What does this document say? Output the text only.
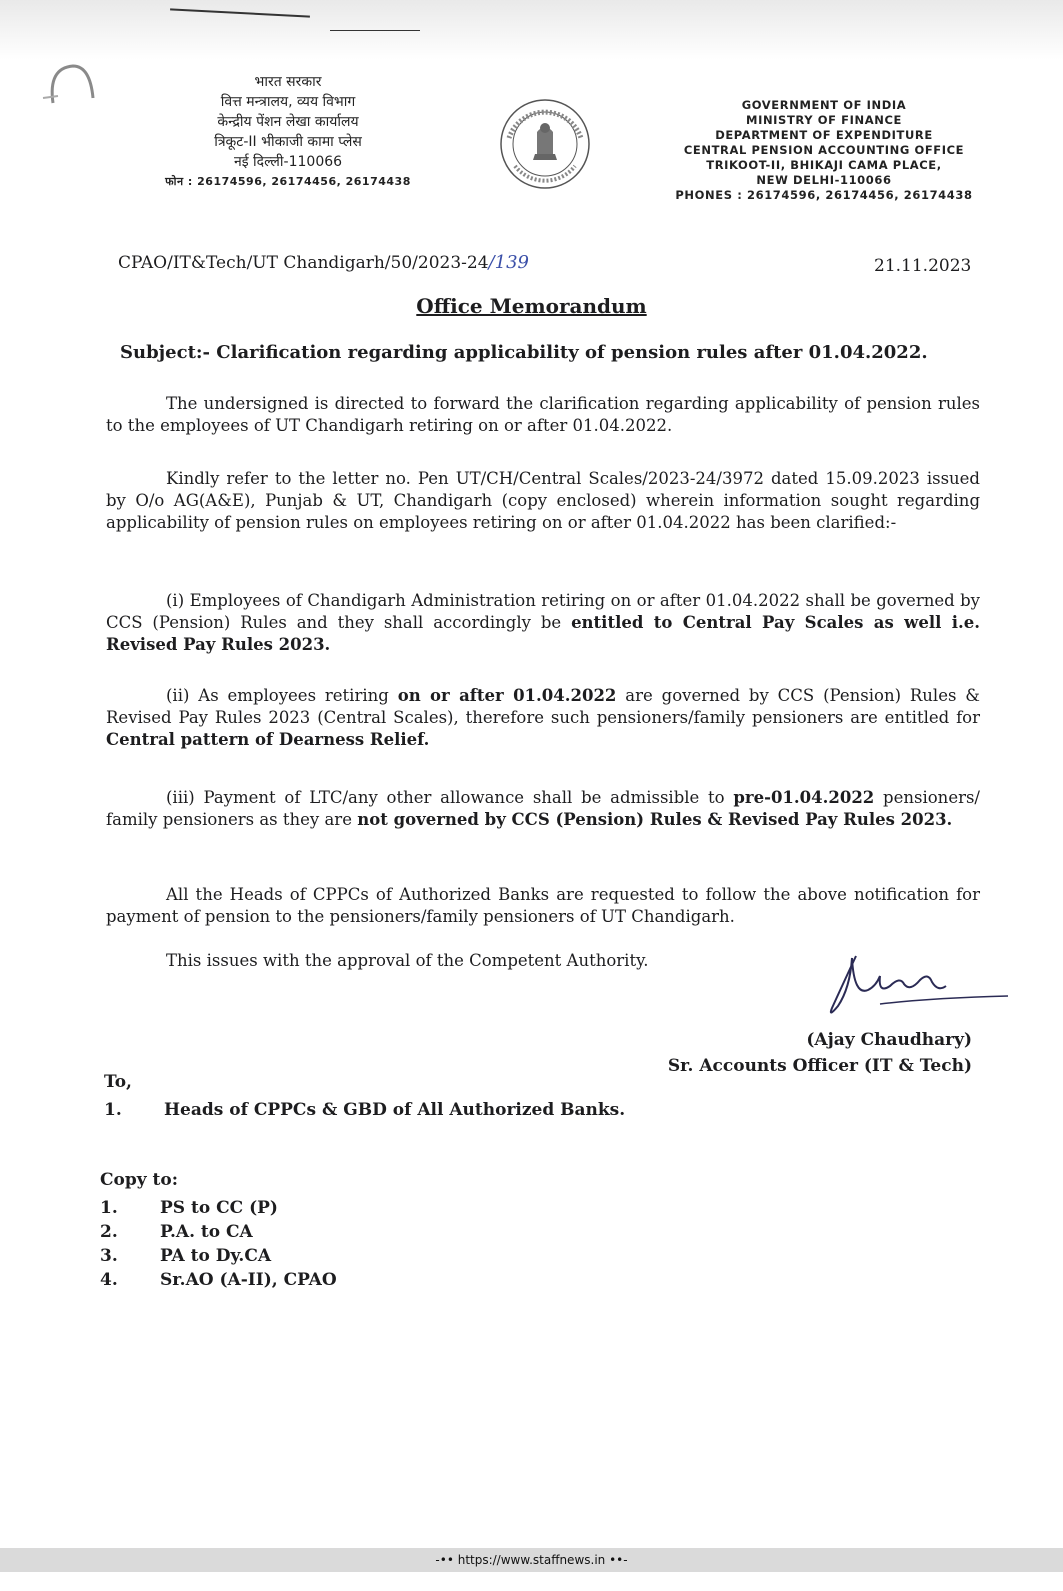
भारत सरकार
वित्त मन्त्रालय, व्यय विभाग
केन्द्रीय पेंशन लेखा कार्यालय
त्रिकूट-II भीकाजी कामा प्लेस
नई दिल्ली-110066
फोन : 26174596, 26174456, 26174438
GOVERNMENT OF INDIA
MINISTRY OF FINANCE
DEPARTMENT OF EXPENDITURE
CENTRAL PENSION ACCOUNTING OFFICE
TRIKOOT-II, BHIKAJI CAMA PLACE,
NEW DELHI-110066
PHONES : 26174596, 26174456, 26174438
CPAO/IT&Tech/UT Chandigarh/50/2023-24/139	21.11.2023
Office Memorandum
Subject:- Clarification regarding applicability of pension rules after 01.04.2022.
The undersigned is directed to forward the clarification regarding applicability of pension rules to the employees of UT Chandigarh retiring on or after 01.04.2022.
Kindly refer to the letter no. Pen UT/CH/Central Scales/2023-24/3972 dated 15.09.2023 issued by O/o AG(A&E), Punjab & UT, Chandigarh (copy enclosed) wherein information sought regarding applicability of pension rules on employees retiring on or after 01.04.2022 has been clarified:-
(i) Employees of Chandigarh Administration retiring on or after 01.04.2022 shall be governed by CCS (Pension) Rules and they shall accordingly be entitled to Central Pay Scales as well i.e. Revised Pay Rules 2023.
(ii) As employees retiring on or after 01.04.2022 are governed by CCS (Pension) Rules & Revised Pay Rules 2023 (Central Scales), therefore such pensioners/family pensioners are entitled for Central pattern of Dearness Relief.
(iii) Payment of LTC/any other allowance shall be admissible to pre-01.04.2022 pensioners/ family pensioners as they are not governed by CCS (Pension) Rules & Revised Pay Rules 2023.
All the Heads of CPPCs of Authorized Banks are requested to follow the above notification for payment of pension to the pensioners/family pensioners of UT Chandigarh.
This issues with the approval of the Competent Authority.
(Ajay Chaudhary)
Sr. Accounts Officer (IT & Tech)
To,
1. Heads of CPPCs & GBD of All Authorized Banks.
Copy to:
1. PS to CC (P)
2. P.A. to CA
3. PA to Dy.CA
4. Sr.AO (A-II), CPAO
-•• https://www.staffnews.in ••-
